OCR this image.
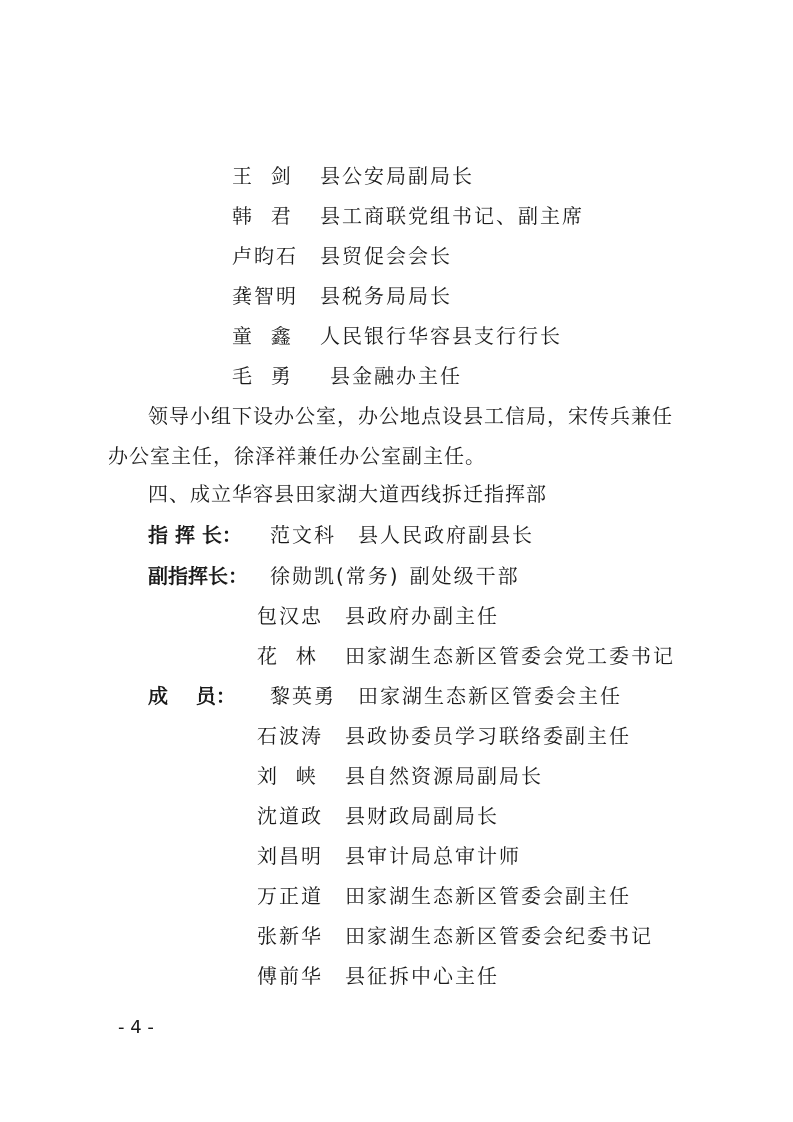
王  剑 县公安局副局长
韩  君 县工商联党组书记、副主席
卢昀石 县贸促会会长
龚智明 县税务局局长
童  鑫 人民银行华容县支行行长
毛  勇 县金融办主任
领导小组下设办公室，办公地点设县工信局，宋传兵兼任办公室主任，徐泽祥兼任办公室副主任。
四、成立华容县田家湖大道西线拆迁指挥部
指 挥 长： 范文科 县人民政府副县长
副指挥长： 徐勋凯(常务) 副处级干部
包汉忠 县政府办副主任
花  林 田家湖生态新区管委会党工委书记
成    员： 黎英勇 田家湖生态新区管委会主任
石波涛 县政协委员学习联络委副主任
刘  峡 县自然资源局副局长
沈道政 县财政局副局长
刘昌明 县审计局总审计师
万正道 田家湖生态新区管委会副主任
张新华 田家湖生态新区管委会纪委书记
傅前华 县征拆中心主任
- 4 -
